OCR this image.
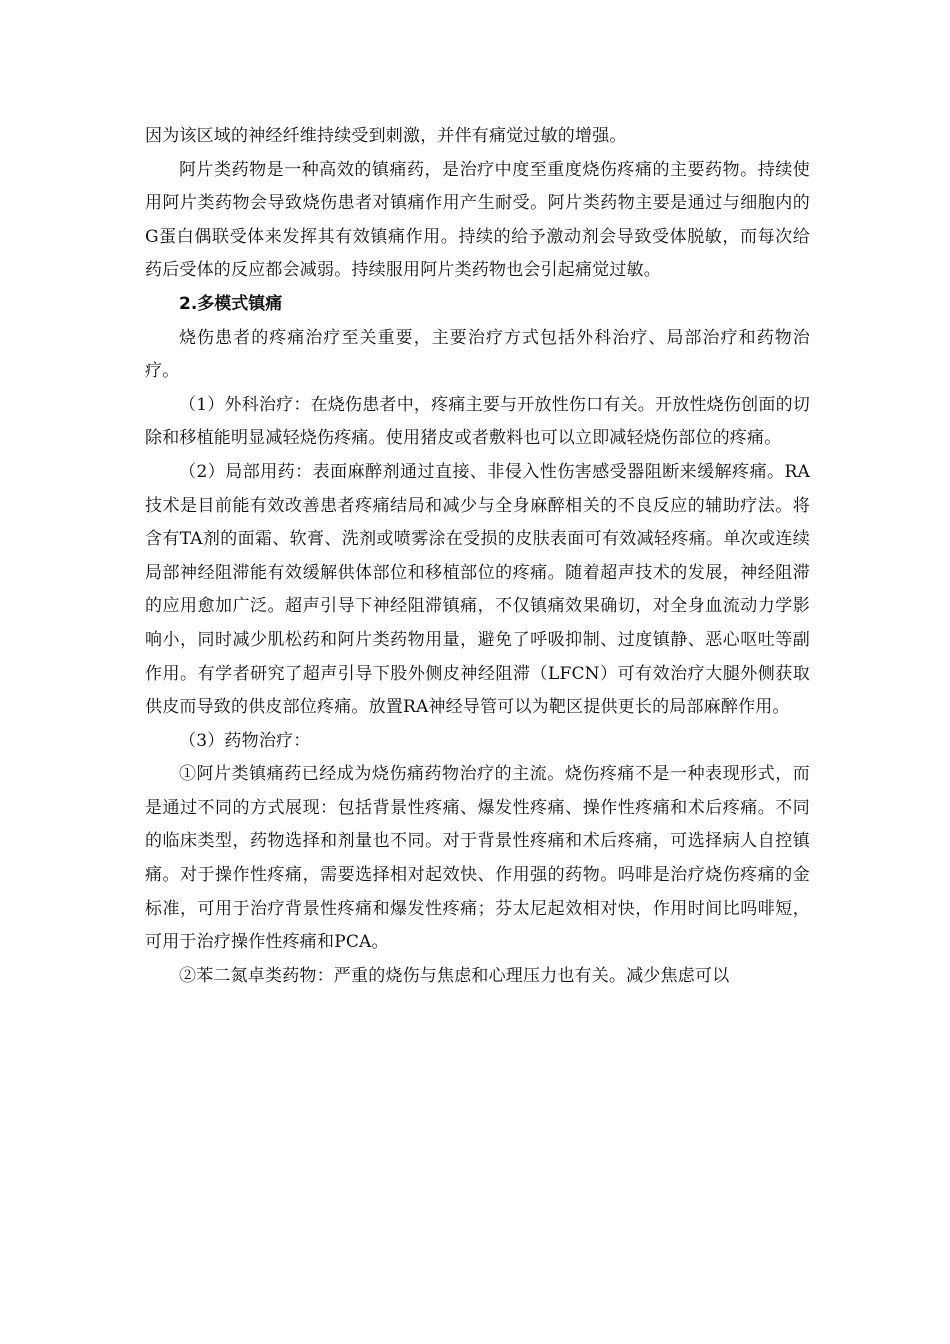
因为该区域的神经纤维持续受到刺激，并伴有痛觉过敏的增强。

阿片类药物是一种高效的镇痛药，是治疗中度至重度烧伤疼痛的主要药物。持续使用阿片类药物会导致烧伤患者对镇痛作用产生耐受。阿片类药物主要是通过与细胞内的G蛋白偶联受体来发挥其有效镇痛作用。持续的给予激动剂会导致受体脱敏，而每次给药后受体的反应都会减弱。持续服用阿片类药物也会引起痛觉过敏。

2.多模式镇痛

烧伤患者的疼痛治疗至关重要，主要治疗方式包括外科治疗、局部治疗和药物治疗。

（1）外科治疗：在烧伤患者中，疼痛主要与开放性伤口有关。开放性烧伤创面的切除和移植能明显减轻烧伤疼痛。使用猪皮或者敷料也可以立即减轻烧伤部位的疼痛。

（2）局部用药：表面麻醉剂通过直接、非侵入性伤害感受器阻断来缓解疼痛。RA技术是目前能有效改善患者疼痛结局和减少与全身麻醉相关的不良反应的辅助疗法。将含有TA剂的面霜、软膏、洗剂或喷雾涂在受损的皮肤表面可有效减轻疼痛。单次或连续局部神经阻滞能有效缓解供体部位和移植部位的疼痛。随着超声技术的发展，神经阻滞的应用愈加广泛。超声引导下神经阻滞镇痛，不仅镇痛效果确切，对全身血流动力学影响小，同时减少肌松药和阿片类药物用量，避免了呼吸抑制、过度镇静、恶心呕吐等副作用。有学者研究了超声引导下股外侧皮神经阻滞（LFCN）可有效治疗大腿外侧获取供皮而导致的供皮部位疼痛。放置RA神经导管可以为靶区提供更长的局部麻醉作用。

（3）药物治疗：

①阿片类镇痛药已经成为烧伤痛药物治疗的主流。烧伤疼痛不是一种表现形式，而是通过不同的方式展现：包括背景性疼痛、爆发性疼痛、操作性疼痛和术后疼痛。不同的临床类型，药物选择和剂量也不同。对于背景性疼痛和术后疼痛，可选择病人自控镇痛。对于操作性疼痛，需要选择相对起效快、作用强的药物。吗啡是治疗烧伤疼痛的金标准，可用于治疗背景性疼痛和爆发性疼痛；芬太尼起效相对快，作用时间比吗啡短，可用于治疗操作性疼痛和PCA。

②苯二氮卓类药物：严重的烧伤与焦虑和心理压力也有关。减少焦虑可以
